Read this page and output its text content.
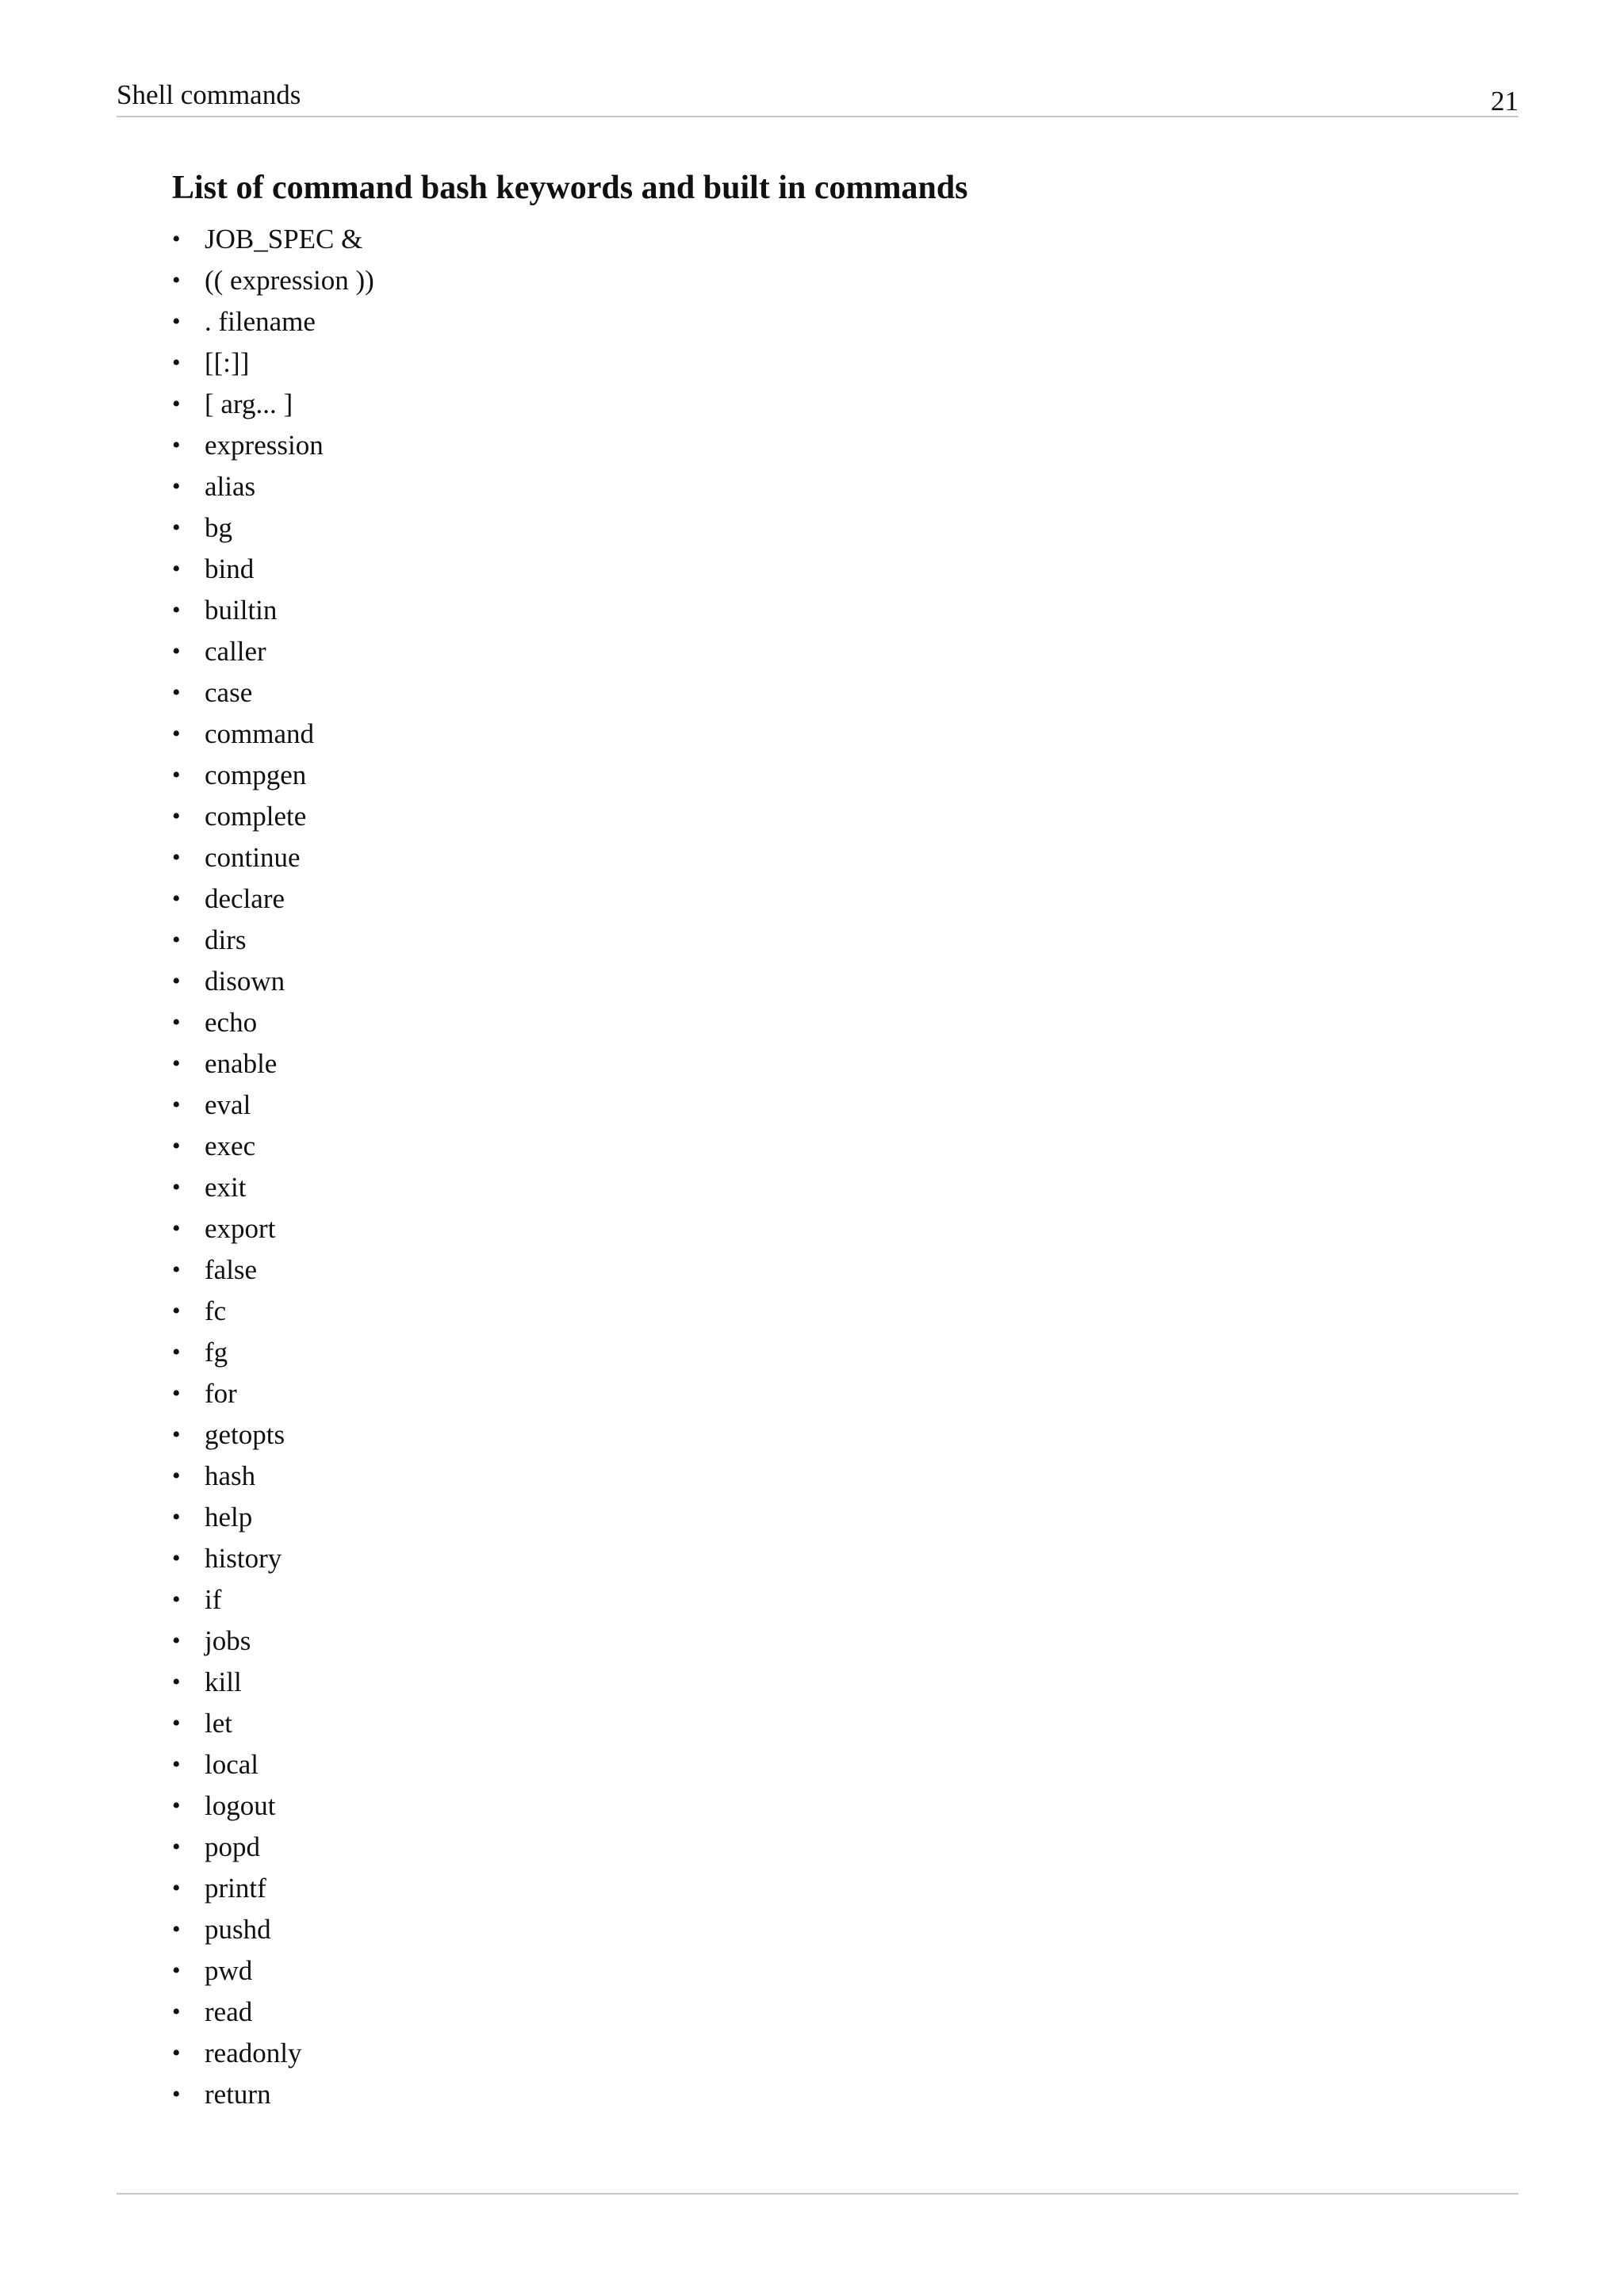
Shell commands	21
List of command bash keywords and built in commands
• JOB_SPEC &
• (( expression ))
• . filename
• [[:]]
• [ arg... ]
• expression
• alias
• bg
• bind
• builtin
• caller
• case
• command
• compgen
• complete
• continue
• declare
• dirs
• disown
• echo
• enable
• eval
• exec
• exit
• export
• false
• fc
• fg
• for
• getopts
• hash
• help
• history
• if
• jobs
• kill
• let
• local
• logout
• popd
• printf
• pushd
• pwd
• read
• readonly
• return
